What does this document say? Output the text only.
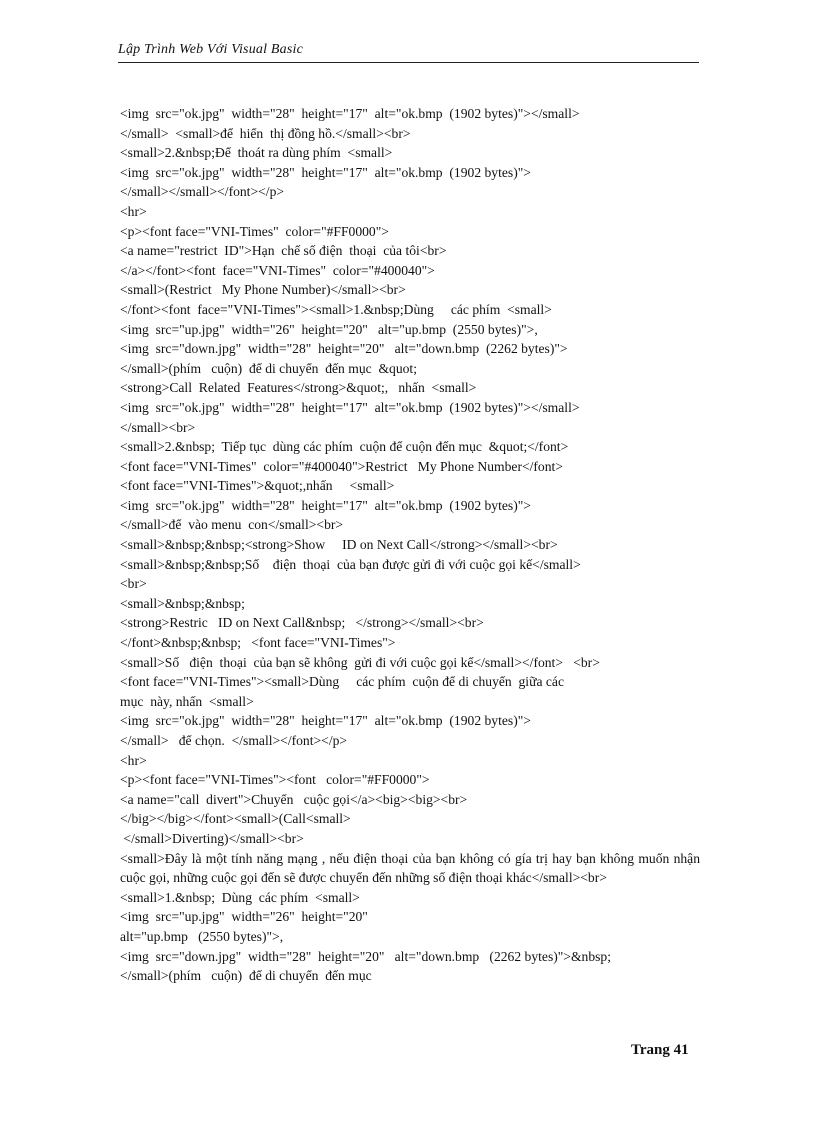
Lập Trình Web Với Visual Basic
<img  src="ok.jpg"  width="28"  height="17"  alt="ok.bmp  (1902 bytes)"></small>
</small>  <small>để  hiển  thị đồng hồ.</small><br>
<small>2.&nbsp;Để  thoát ra dùng phím  <small>
<img  src="ok.jpg"  width="28"  height="17"  alt="ok.bmp  (1902 bytes)">
</small></small></font></p>
<hr>
<p><font face="VNI-Times"  color="#FF0000">
<a name="restrict  ID">Hạn  chế số điện  thoại  của tôi<br>
</a></font><font  face="VNI-Times"  color="#400040">
<small>(Restrict   My Phone Number)</small><br>
</font><font  face="VNI-Times"><small>1.&nbsp;Dùng     các phím  <small>
<img  src="up.jpg"  width="26"  height="20"   alt="up.bmp  (2550 bytes)">,
<img  src="down.jpg"  width="28"  height="20"   alt="down.bmp  (2262 bytes)">
</small>(phím   cuộn)  để di chuyển  đến mục  &quot;
<strong>Call  Related  Features</strong>&quot;,   nhấn  <small>
<img  src="ok.jpg"  width="28"  height="17"  alt="ok.bmp  (1902 bytes)"></small>
</small><br>
<small>2.&nbsp;  Tiếp tục  dùng các phím  cuộn để cuộn đến mục  &quot;</font>
<font face="VNI-Times"  color="#400040">Restrict   My Phone Number</font>
<font face="VNI-Times">&quot;,nhấn     <small>
<img  src="ok.jpg"  width="28"  height="17"  alt="ok.bmp  (1902 bytes)">
</small>để  vào menu  con</small><br>
<small>&nbsp;&nbsp;<strong>Show     ID on Next Call</strong></small><br>
<small>&nbsp;&nbsp;Số    điện  thoại  của bạn được gửi đi với cuộc gọi kế</small>
<br>
<small>&nbsp;&nbsp;
<strong>Restric   ID on Next Call&nbsp;   </strong></small><br>
</font>&nbsp;&nbsp;   <font face="VNI-Times">
<small>Số   điện  thoại  của bạn sẽ không  gửi đi với cuộc gọi kế</small></font>   <br>
<font face="VNI-Times"><small>Dùng     các phím  cuộn để di chuyển  giữa các
mục  này, nhấn  <small>
<img  src="ok.jpg"  width="28"  height="17"  alt="ok.bmp  (1902 bytes)">
</small>   để chọn.  </small></font></p>
<hr>
<p><font face="VNI-Times"><font   color="#FF0000">
<a name="call  divert">Chuyển   cuộc gọi</a><big><big><br>
</big></big></font><small>(Call<small>
</small>Diverting)</small><br>
<small>Đây là một tính năng mạng , nếu điện thoại của bạn không có gía trị hay bạn không muốn nhận cuộc gọi, những cuộc gọi đến sẽ được chuyển đến những số điện thoại khác</small><br>
<small>1.&nbsp;  Dùng  các phím  <small>
<img  src="up.jpg"  width="26"  height="20"
alt="up.bmp   (2550 bytes)">,
<img  src="down.jpg"  width="28"  height="20"   alt="down.bmp   (2262 bytes)">&nbsp;
</small>(phím   cuộn)  để di chuyển  đến mục
Trang 41
